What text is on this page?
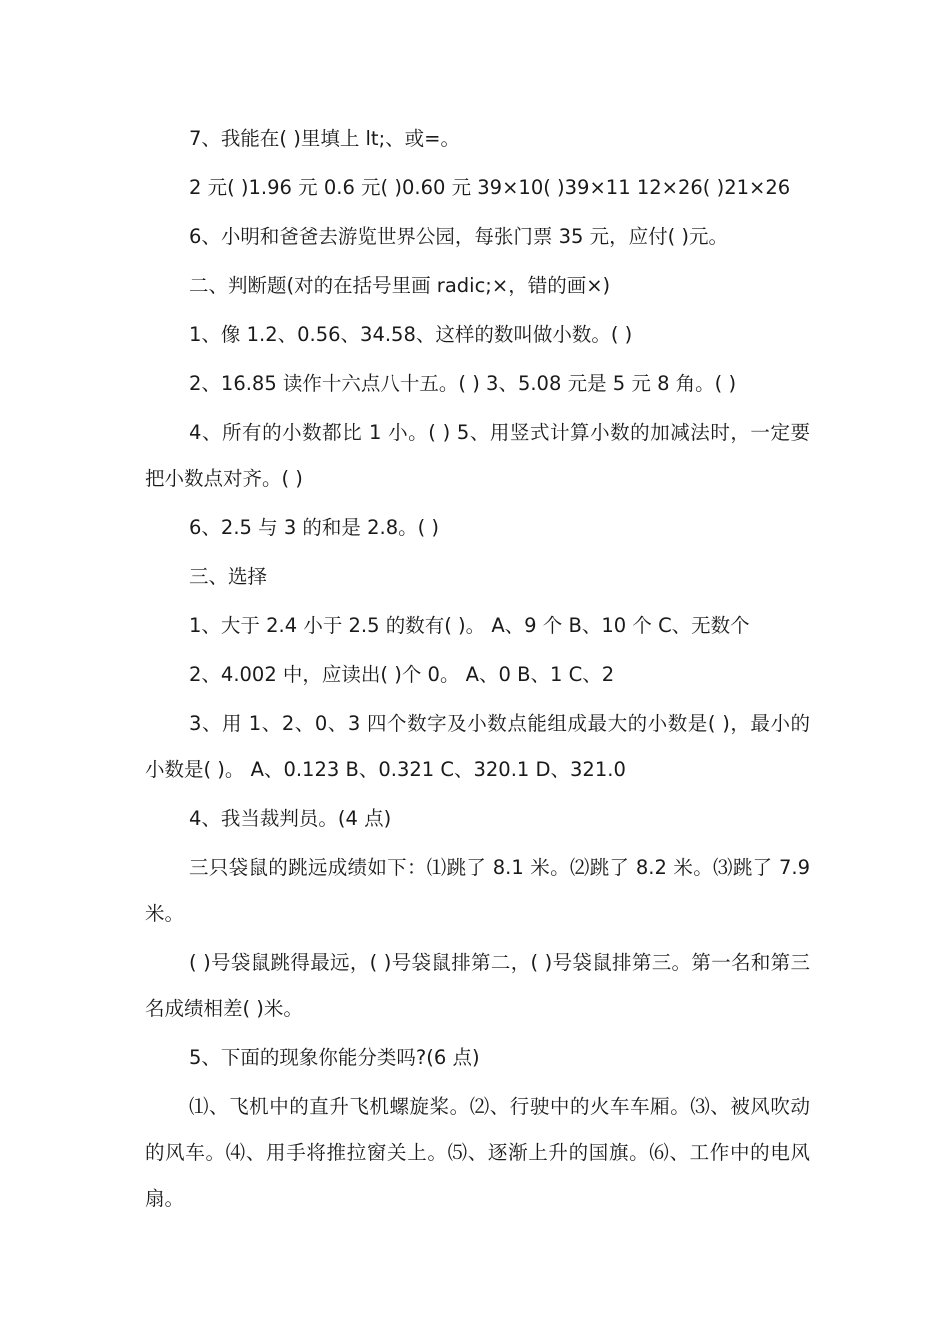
7、我能在( )里填上 lt;、或=。

2 元( )1.96 元 0.6 元( )0.60 元 39×10( )39×11 12×26( )21×26

6、小明和爸爸去游览世界公园，每张门票 35 元，应付( )元。

二、判断题(对的在括号里画 radic;×，错的画×)

1、像 1.2、0.56、34.58、这样的数叫做小数。( )

2、16.85 读作十六点八十五。( ) 3、5.08 元是 5 元 8 角。( )

4、所有的小数都比 1 小。( ) 5、用竖式计算小数的加减法时，一定要把小数点对齐。( )

6、2.5 与 3 的和是 2.8。( )

三、选择

1、大于 2.4 小于 2.5 的数有( )。 A、9 个 B、10 个 C、无数个

2、4.002 中，应读出( )个 0。 A、0 B、1 C、2

3、用 1、2、0、3 四个数字及小数点能组成最大的小数是( )，最小的小数是( )。 A、0.123 B、0.321 C、320.1 D、321.0

4、我当裁判员。(4 点)

三只袋鼠的跳远成绩如下：⑴跳了 8.1 米。⑵跳了 8.2 米。⑶跳了 7.9 米。

( )号袋鼠跳得最远，( )号袋鼠排第二，( )号袋鼠排第三。第一名和第三名成绩相差( )米。

5、下面的现象你能分类吗?(6 点)

⑴、飞机中的直升飞机螺旋桨。⑵、行驶中的火车车厢。⑶、被风吹动的风车。⑷、用手将推拉窗关上。⑸、逐渐上升的国旗。⑹、工作中的电风扇。
